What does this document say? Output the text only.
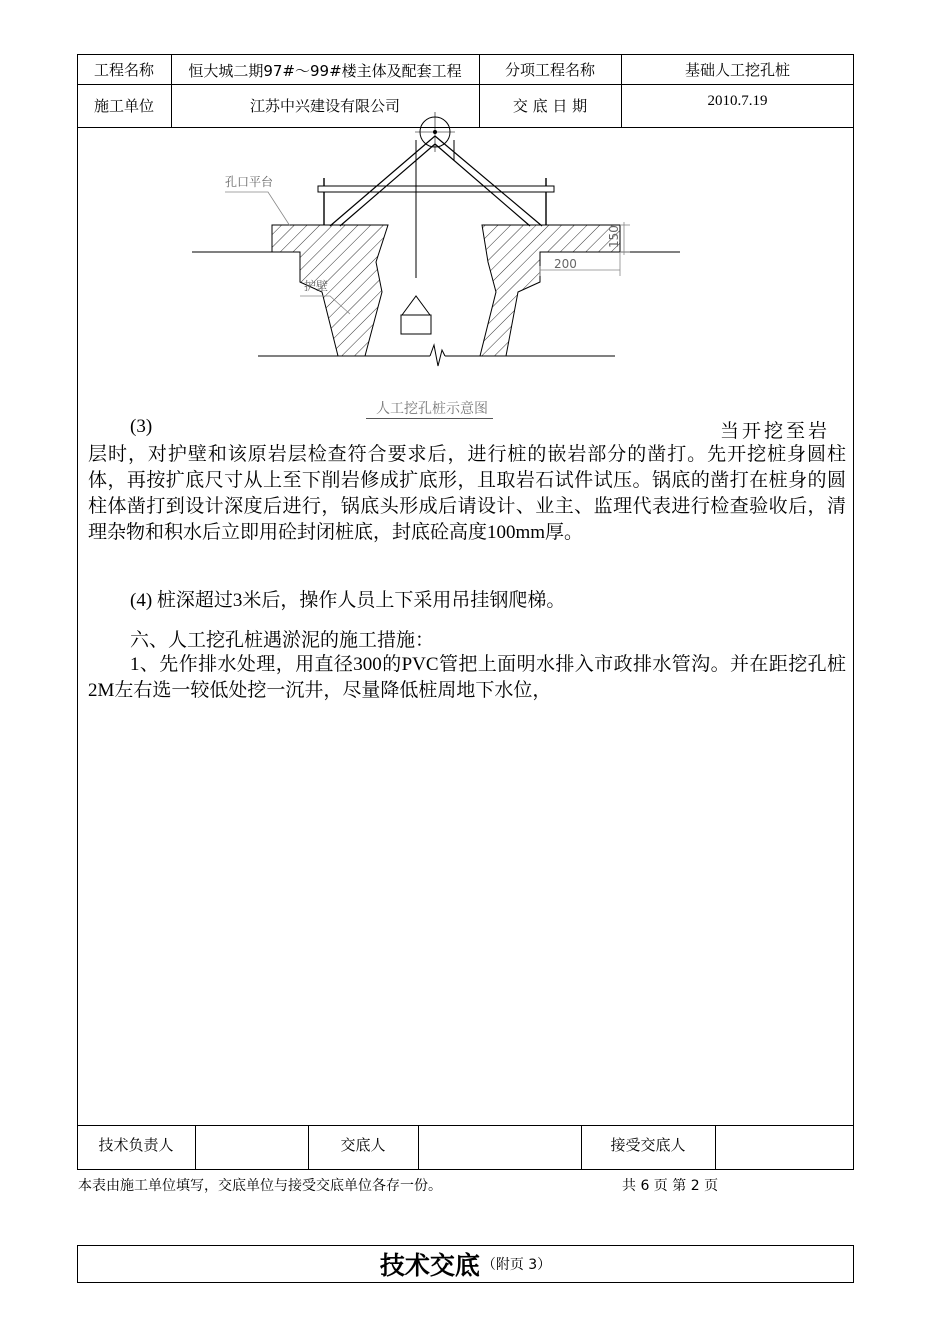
工程名称	恒大城二期97#～99#楼主体及配套工程	分项工程名称	基础人工挖孔桩
施工单位	江苏中兴建设有限公司	交 底 日 期	2010.7.19
150
200
孔口平台
护壁
人工挖孔桩示意图
(3)	当开挖至岩
层时，对护壁和该原岩层检查符合要求后，进行桩的嵌岩部分的凿打。先开挖桩身圆柱体，再按扩底尺寸从上至下削岩修成扩底形，且取岩石试件试压。锅底的凿打在桩身的圆柱体凿打到设计深度后进行，锅底头形成后请设计、业主、监理代表进行检查验收后，清理杂物和积水后立即用砼封闭桩底，封底砼高度100mm厚。
(4) 桩深超过3米后，操作人员上下采用吊挂钢爬梯。
六、人工挖孔桩遇淤泥的施工措施：
1、先作排水处理，用直径300的PVC管把上面明水排入市政排水管沟。并在距挖孔桩2M左右选一较低处挖一沉井，尽量降低桩周地下水位，
技术负责人	交底人	接受交底人
本表由施工单位填写，交底单位与接受交底单位各存一份。	共 6 页 第 2 页
技术交底 （附页 3）
